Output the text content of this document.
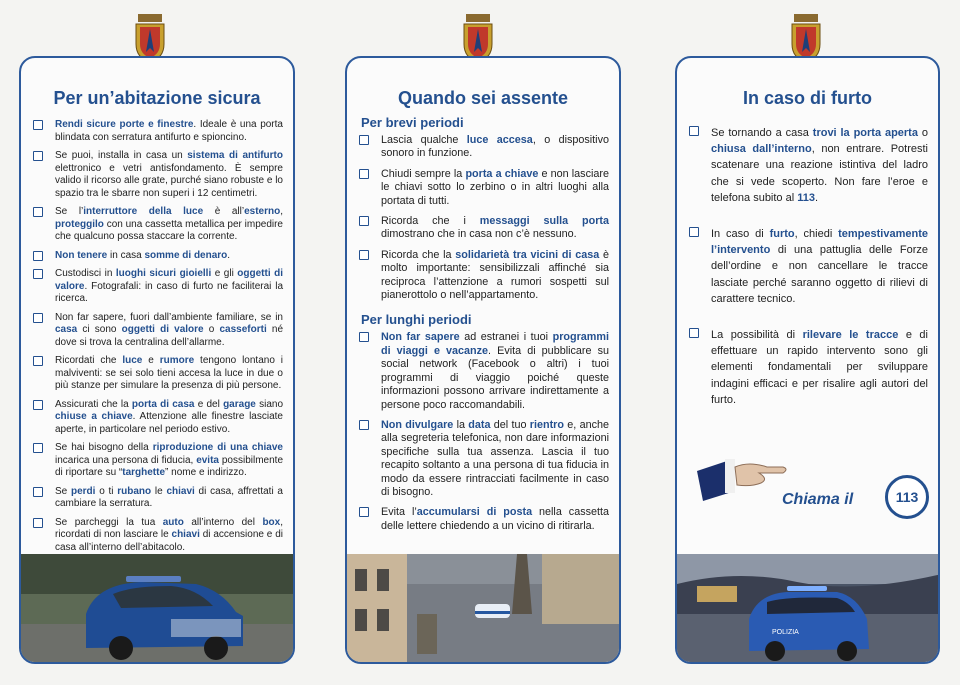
Per un’abitazione sicura
Rendi sicure porte e finestre. Ideale è una porta blindata con serratura antifurto e spioncino.
Se puoi, installa in casa un sistema di antifurto elettronico e vetri antisfondamento. È sempre valido il ricorso alle grate, purché siano robuste e lo spazio tra le sbarre non superi i 12 centimetri.
Se l’interruttore della luce è all’esterno, proteggilo con una cassetta metallica per impedire che qualcuno possa staccare la corrente.
Non tenere in casa somme di denaro.
Custodisci in luoghi sicuri gioielli e gli oggetti di valore. Fotografali: in caso di furto ne faciliterai la ricerca.
Non far sapere, fuori dall’ambiente familiare, se in casa ci sono oggetti di valore o casseforti né dove si trova la centralina dell’allarme.
Ricordati che luce e rumore tengono lontano i malviventi: se sei solo tieni accesa la luce in due o più stanze per simulare la presenza di più persone.
Assicurati che la porta di casa e del garage siano chiuse a chiave. Attenzione alle finestre lasciate aperte, in particolare nel periodo estivo.
Se hai bisogno della riproduzione di una chiave incarica una persona di fiducia, evita possibilmente di riportare su “targhette” nome e indirizzo.
Se perdi o ti rubano le chiavi di casa, affrettati a cambiare la serratura.
Se parcheggi la tua auto all’interno del box, ricordati di non lasciare le chiavi di accensione e di casa all’interno dell’abitacolo.
Quando sei assente
Per brevi periodi
Lascia qualche luce accesa, o dispositivo sonoro in funzione.
Chiudi sempre la porta a chiave e non lasciare le chiavi sotto lo zerbino o in altri luoghi alla portata di tutti.
Ricorda che i messaggi sulla porta dimostrano che in casa non c’è nessuno.
Ricorda che la solidarietà tra vicini di casa è molto importante: sensibilizzali affinché sia reciproca l’attenzione a rumori sospetti sul pianerottolo o nell’appartamento.
Per lunghi periodi
Non far sapere ad estranei i tuoi programmi di viaggi e vacanze. Evita di pubblicare su social network (Facebook o altri) i tuoi programmi di viaggio poiché queste informazioni possono arrivare indirettamente a persone poco raccomandabili.
Non divulgare la data del tuo rientro e, anche alla segreteria telefonica, non dare informazioni specifiche sulla tua assenza. Lascia il tuo recapito soltanto a una persona di tua fiducia in modo da essere rintracciati facilmente in caso di bisogno.
Evita l’accumularsi di posta nella cassetta delle lettere chiedendo a un vicino di ritirarla.
In caso di furto
Se tornando a casa trovi la porta aperta o chiusa dall’interno, non entrare. Potresti scatenare una reazione istintiva del ladro che si vede scoperto. Non fare l’eroe e telefona subito al 113.
In caso di furto, chiedi tempestivamente l’intervento di una pattuglia delle Forze dell’ordine e non cancellare le tracce lasciate perché saranno oggetto di rilievi di carattere tecnico.
La possibilità di rilevare le tracce e di effettuare un rapido intervento sono gli elementi fondamentali per sviluppare indagini efficaci e per risalire agli autori del furto.
Chiama il	113
POLIZIA
